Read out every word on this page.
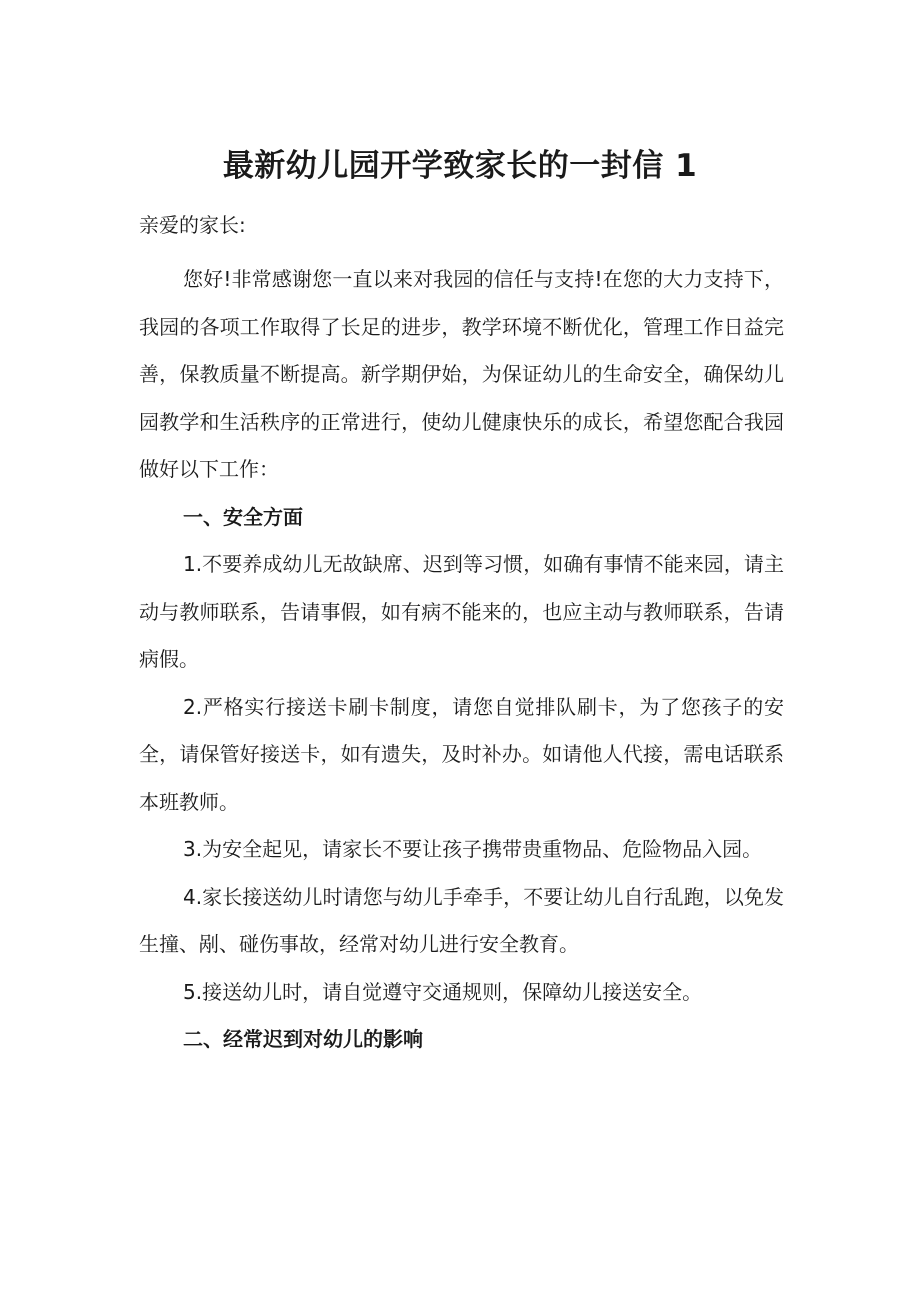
最新幼儿园开学致家长的一封信 1

亲爱的家长:

您好!非常感谢您一直以来对我园的信任与支持!在您的大力支持下，我园的各项工作取得了长足的进步，教学环境不断优化，管理工作日益完善，保教质量不断提高。新学期伊始，为保证幼儿的生命安全，确保幼儿园教学和生活秩序的正常进行，使幼儿健康快乐的成长，希望您配合我园做好以下工作：

一、安全方面

1.不要养成幼儿无故缺席、迟到等习惯，如确有事情不能来园，请主动与教师联系，告请事假，如有病不能来的，也应主动与教师联系，告请病假。

2.严格实行接送卡刷卡制度，请您自觉排队刷卡，为了您孩子的安全，请保管好接送卡，如有遗失，及时补办。如请他人代接，需电话联系本班教师。

3.为安全起见，请家长不要让孩子携带贵重物品、危险物品入园。

4.家长接送幼儿时请您与幼儿手牵手，不要让幼儿自行乱跑，以免发生撞、剐、碰伤事故，经常对幼儿进行安全教育。

5.接送幼儿时，请自觉遵守交通规则，保障幼儿接送安全。

二、经常迟到对幼儿的影响
